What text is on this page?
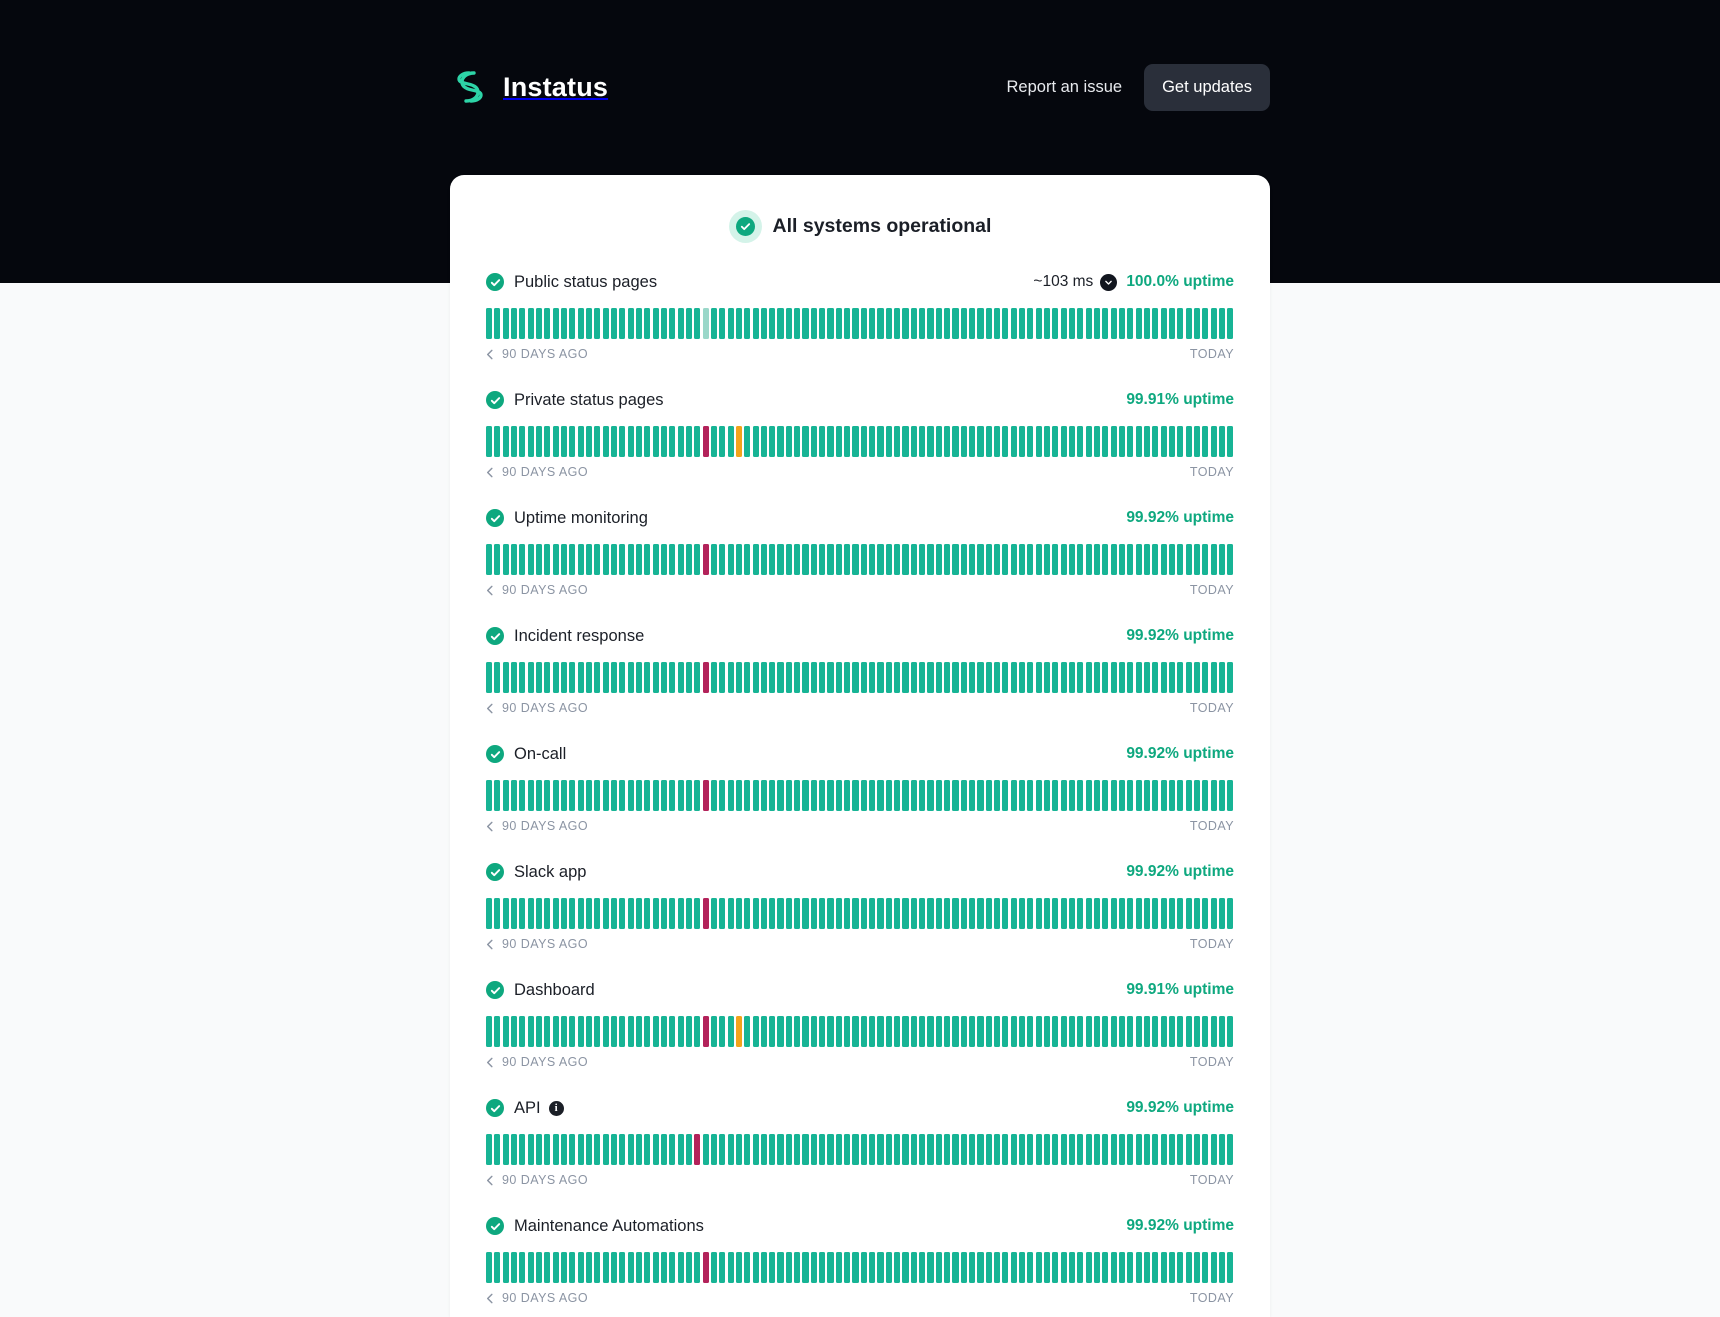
Instatus	Report an issue	Get updates
All systems operational
Public status pages	~103 ms 100.0% uptime
90 DAYS AGO	TODAY
Private status pages	99.91% uptime
90 DAYS AGO	TODAY
Uptime monitoring	99.92% uptime
90 DAYS AGO	TODAY
Incident response	99.92% uptime
90 DAYS AGO	TODAY
On-call	99.92% uptime
90 DAYS AGO	TODAY
Slack app	99.92% uptime
90 DAYS AGO	TODAY
Dashboard	99.91% uptime
90 DAYS AGO	TODAY
API	i	99.92% uptime
90 DAYS AGO	TODAY
Maintenance Automations	99.92% uptime
90 DAYS AGO	TODAY
